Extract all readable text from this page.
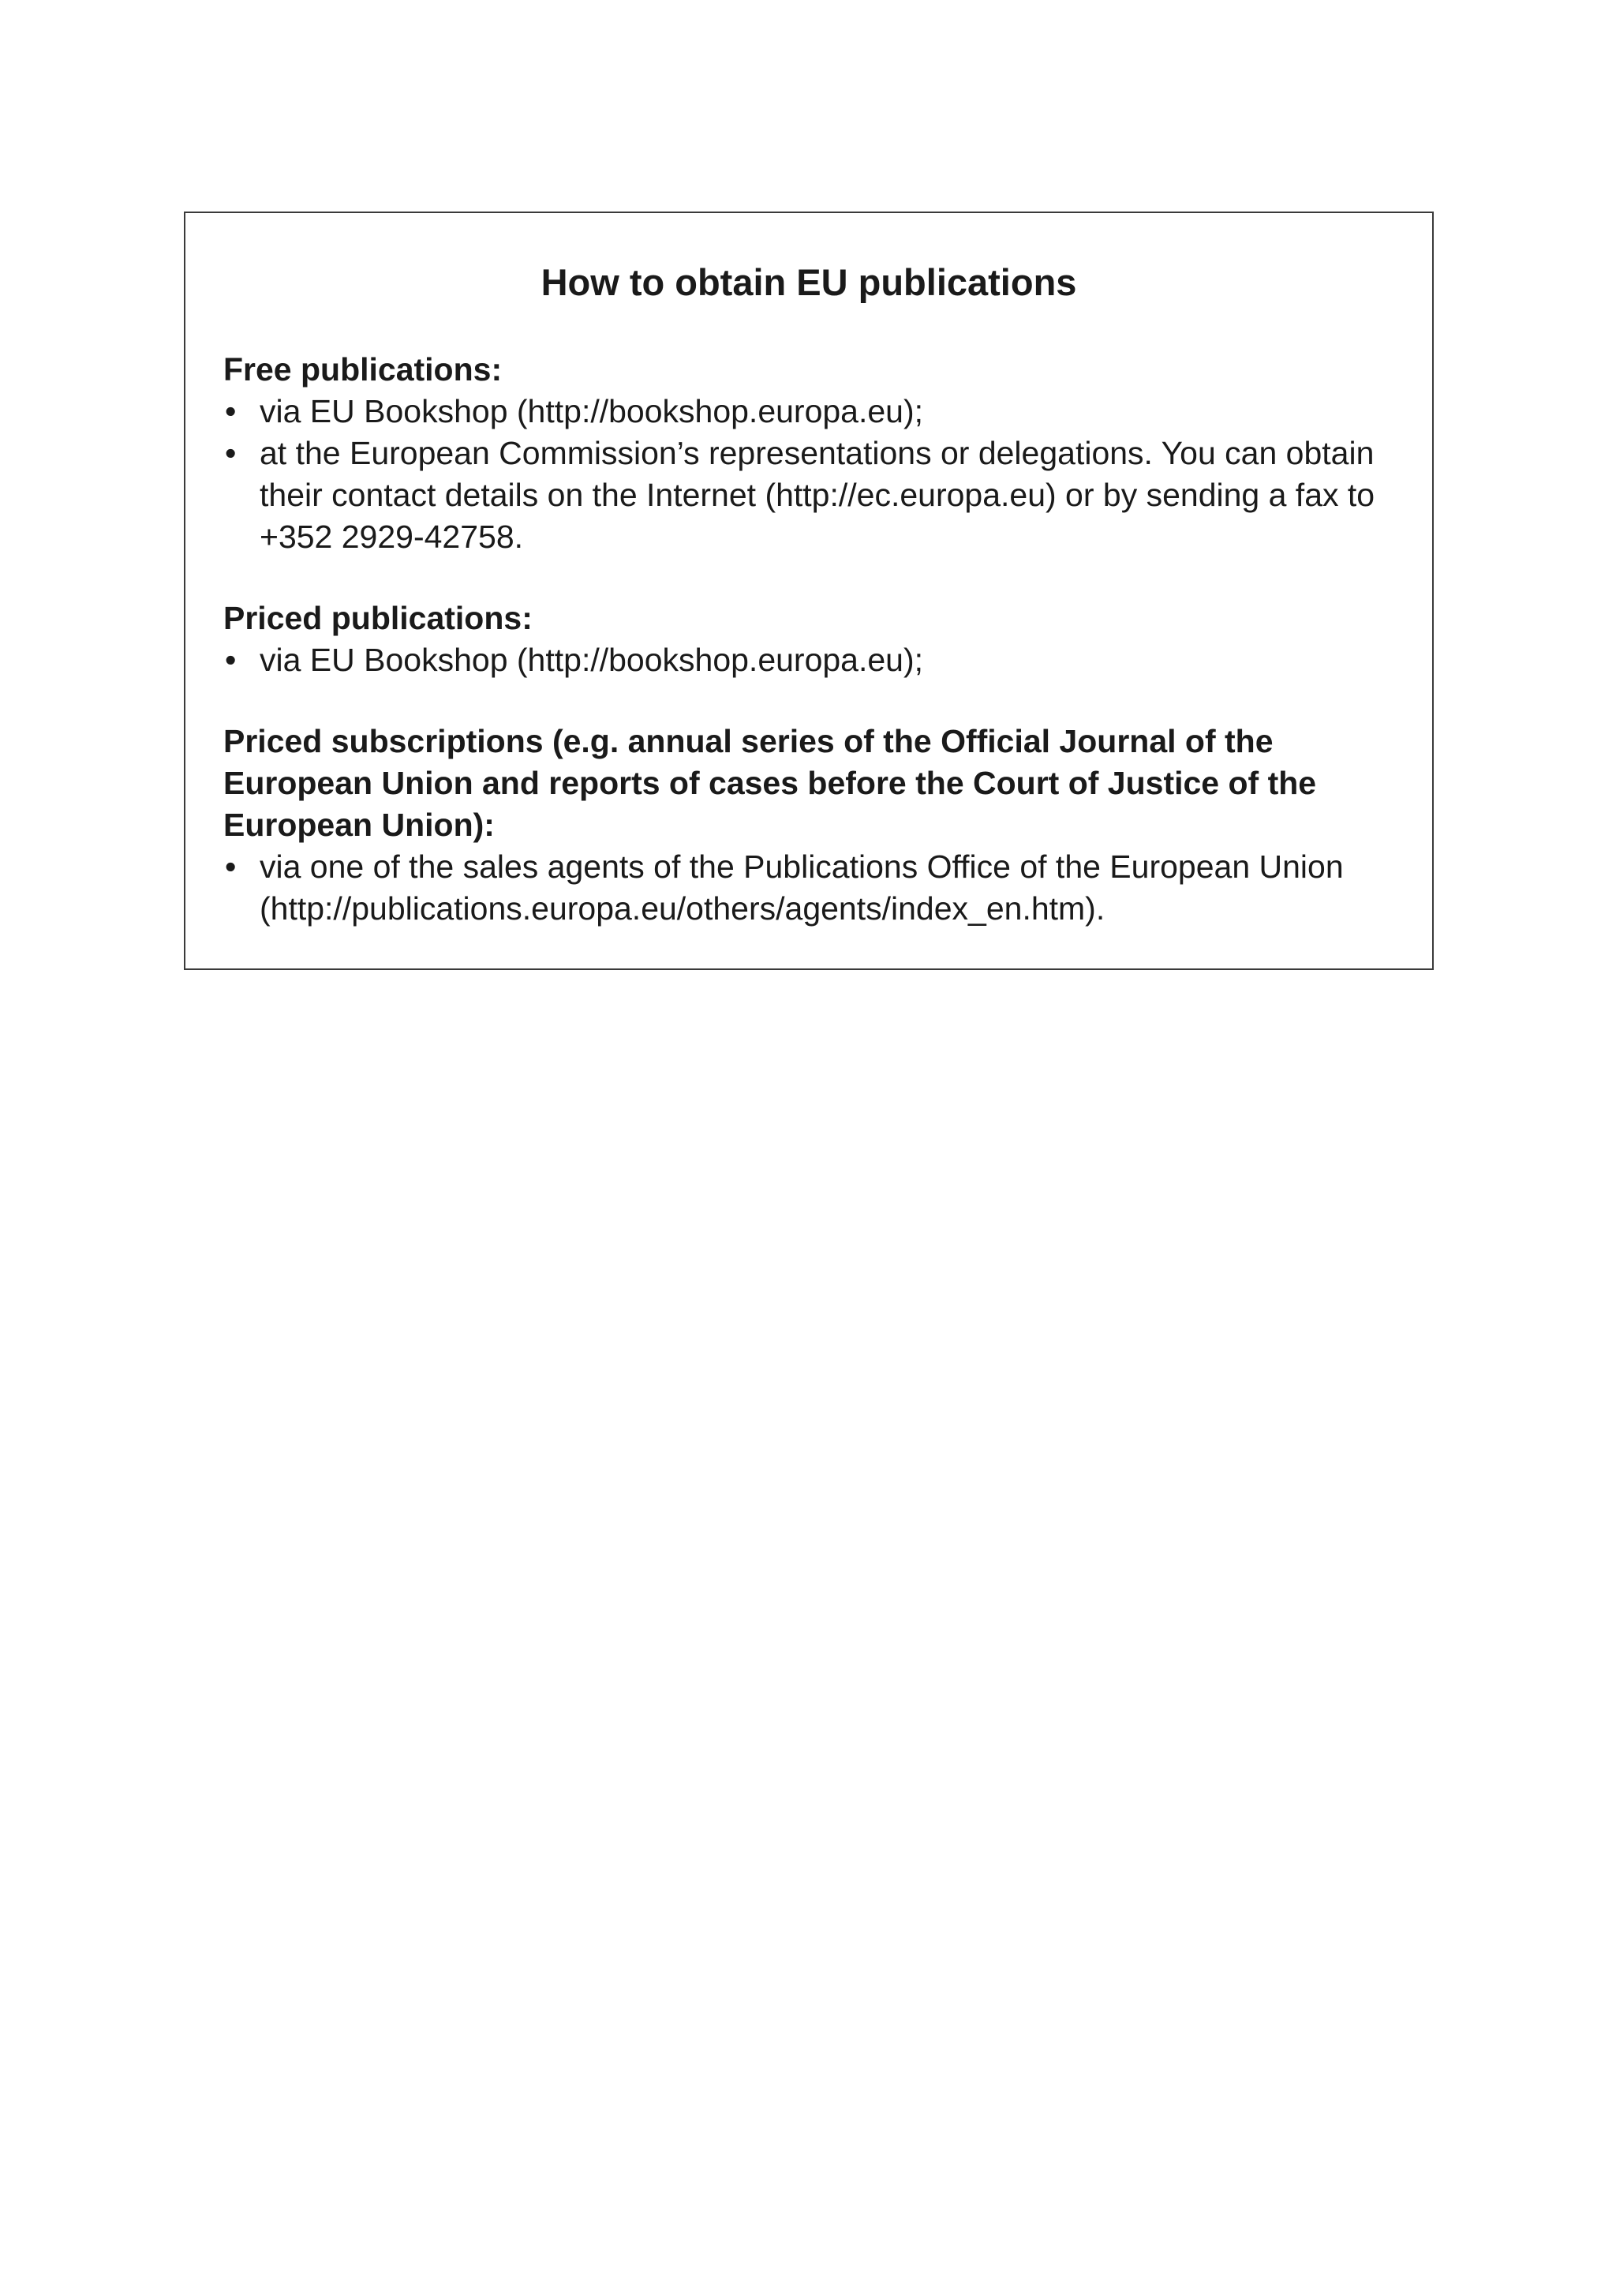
How to obtain EU publications

Free publications:

• via EU Bookshop (http://bookshop.europa.eu);
• at the European Commission’s representations or delegations. You can obtain their contact details on the Internet (http://ec.europa.eu) or by sending a fax to +352 2929-42758.

Priced publications:

• via EU Bookshop (http://bookshop.europa.eu);

Priced subscriptions (e.g. annual series of the Official Journal of the European Union and reports of cases before the Court of Justice of the European Union):

• via one of the sales agents of the Publications Office of the European Union (http://publications.europa.eu/others/agents/index_en.htm).
